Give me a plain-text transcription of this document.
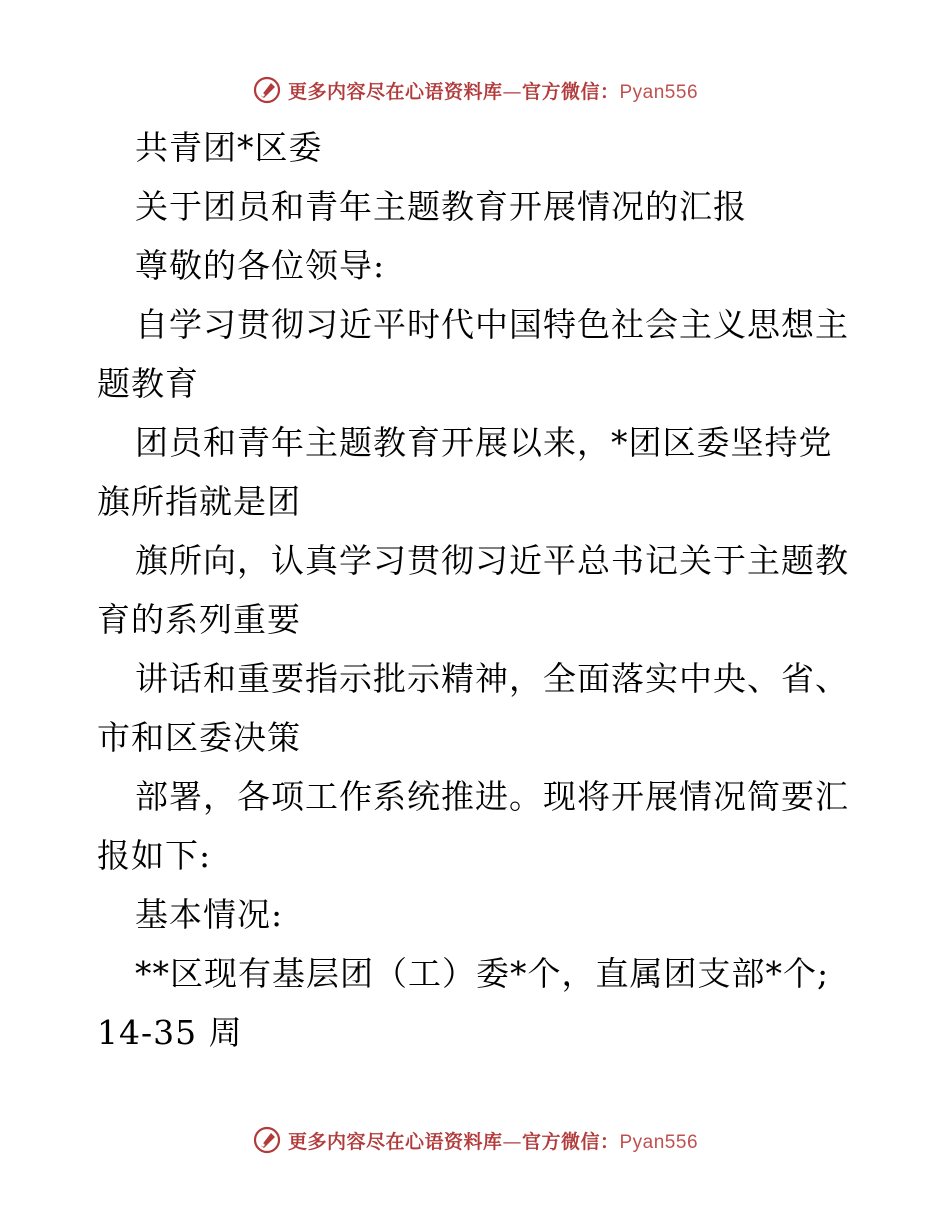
更多内容尽在心语资料库—官方微信：Pyan556
共青团*区委
关于团员和青年主题教育开展情况的汇报
尊敬的各位领导:
自学习贯彻习近平时代中国特色社会主义思想主
题教育
团员和青年主题教育开展以来，*团区委坚持党
旗所指就是团
旗所向，认真学习贯彻习近平总书记关于主题教
育的系列重要
讲话和重要指示批示精神，全面落实中央、省、
市和区委决策
部署，各项工作系统推进。现将开展情况简要汇
报如下:
基本情况:
**区现有基层团（工）委*个，直属团支部*个;
14-35 周
更多内容尽在心语资料库—官方微信：Pyan556
